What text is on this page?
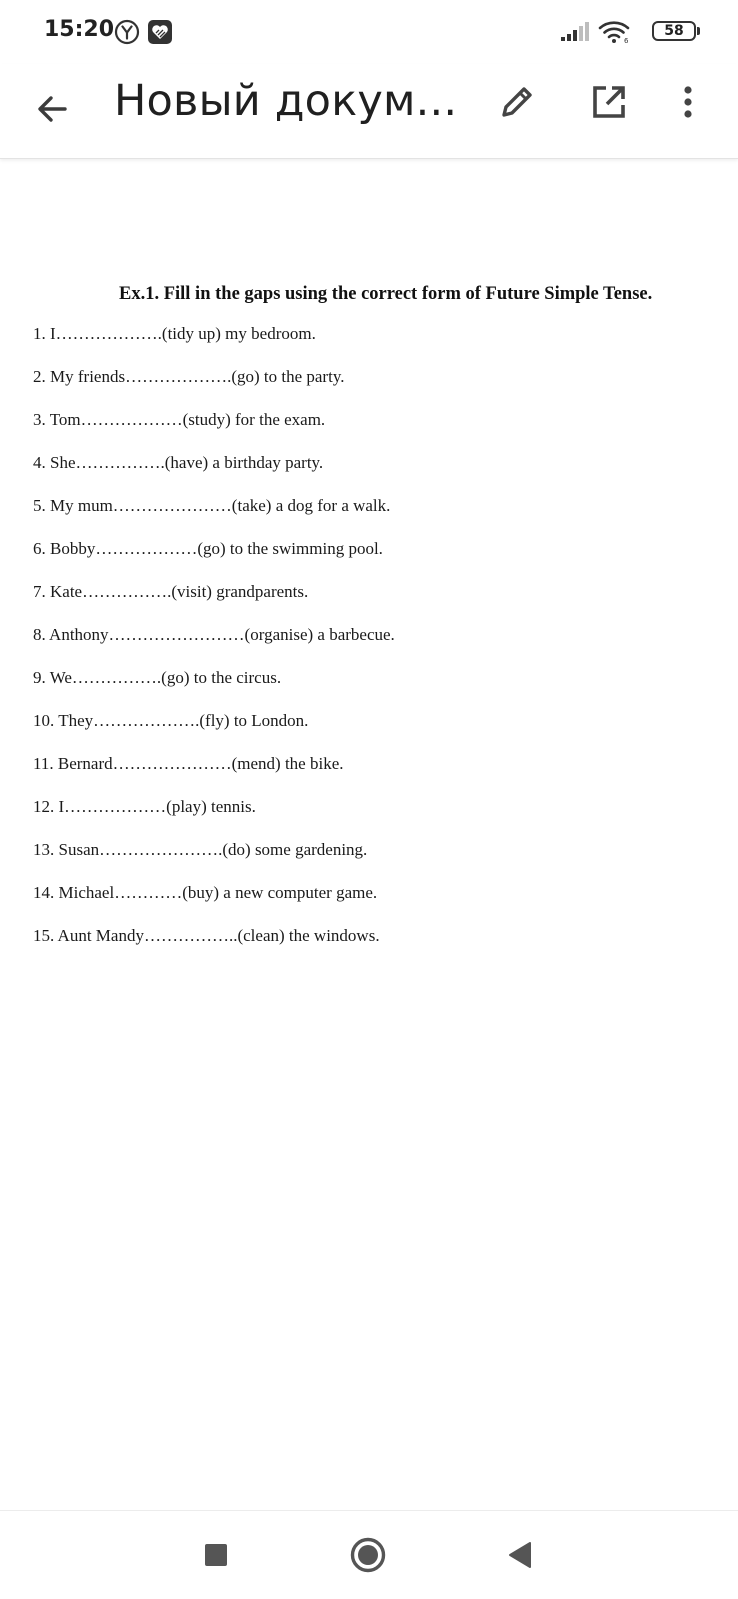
15:20	6
58
Новый докум...
Ex.1. Fill in the gaps using the correct form of Future Simple Tense.
1. I……………….(tidy up) my bedroom.
2. My friends……………….(go) to the party.
3. Tom………………(study) for the exam.
4. She…………….(have) a birthday party.
5. My mum…………………(take) a dog for a walk.
6. Bobby………………(go) to the swimming pool.
7. Kate…………….(visit) grandparents.
8. Anthony……………………(organise) a barbecue.
9. We…………….(go) to the circus.
10. They……………….(fly) to London.
11. Bernard…………………(mend) the bike.
12. I………………(play) tennis.
13. Susan………………….(do) some gardening.
14. Michael…………(buy) a new computer game.
15. Aunt Mandy……………..(clean) the windows.
